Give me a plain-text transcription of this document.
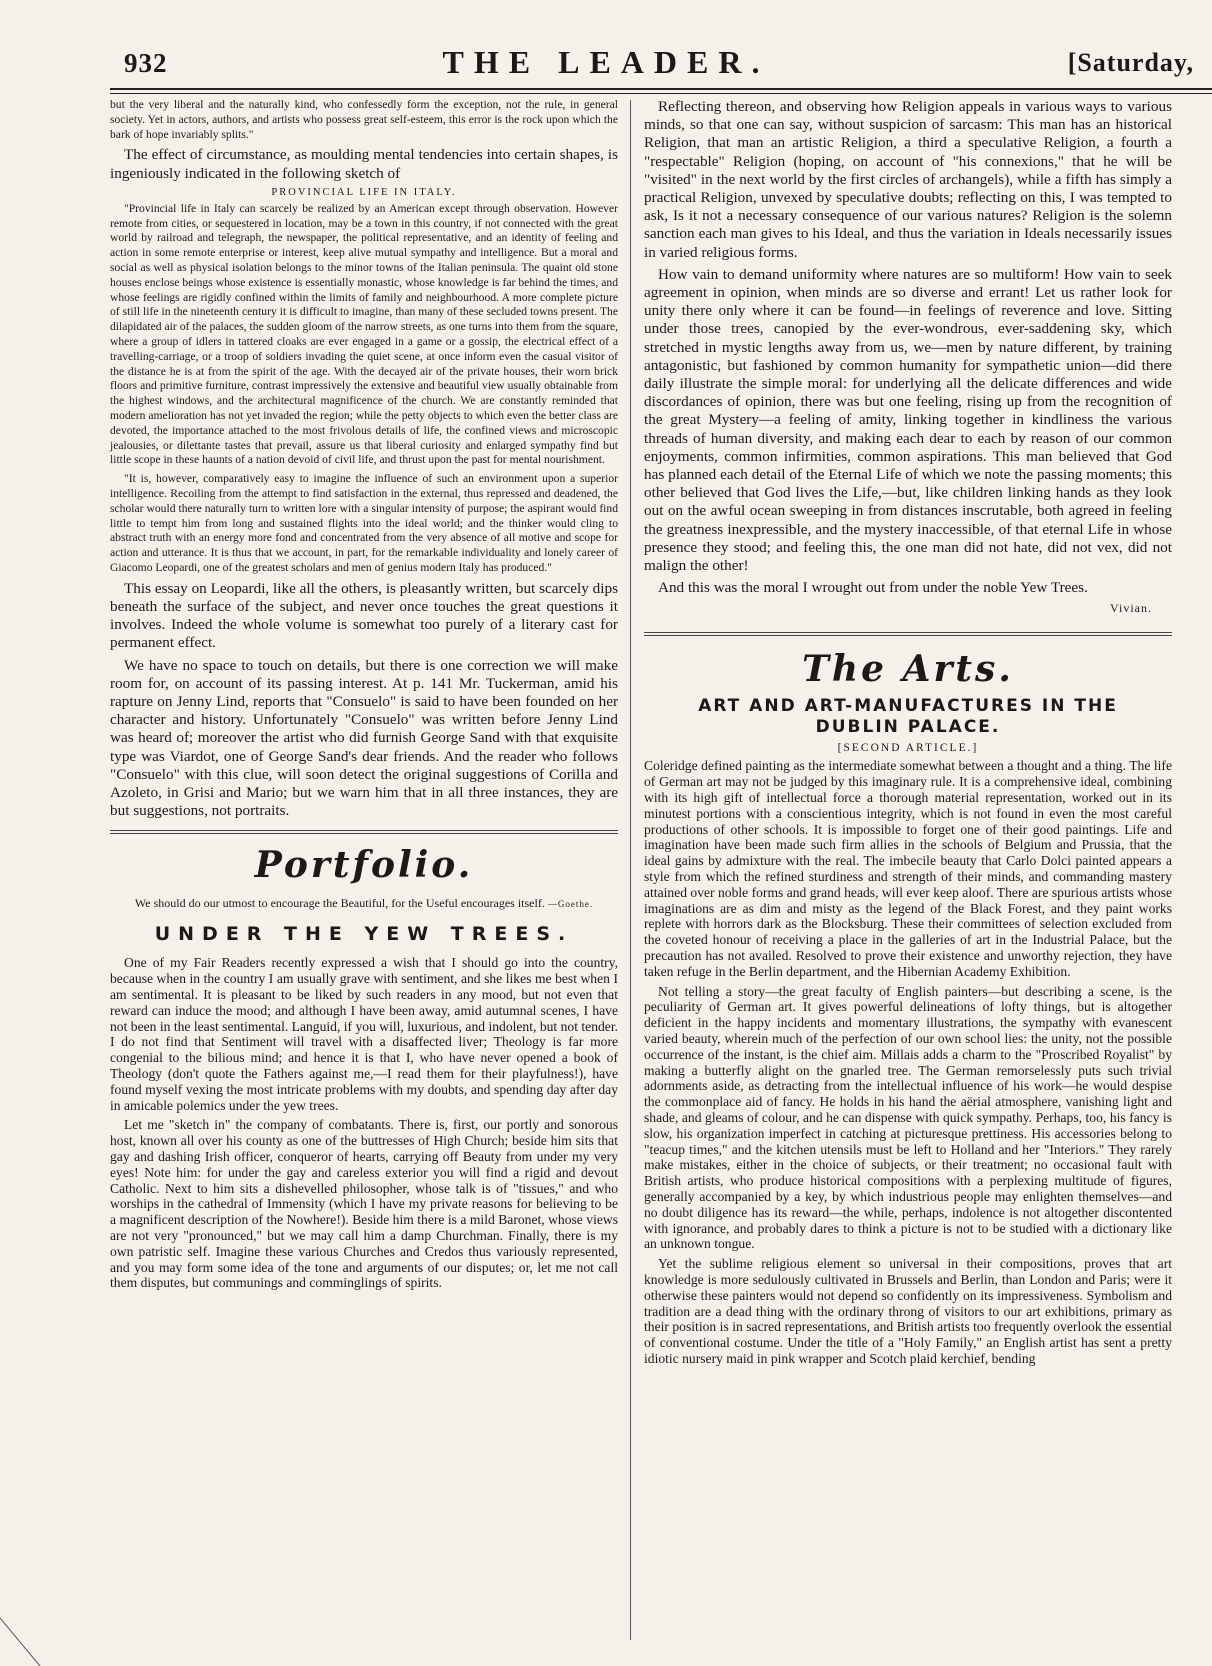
932	THE LEADER.	[Saturday,

but the very liberal and the naturally kind, who confessedly form the exception, not the rule, in general society. Yet in actors, authors, and artists who possess great self-esteem, this error is the rock upon which the bark of hope invariably splits."

The effect of circumstance, as moulding mental tendencies into certain shapes, is ingeniously indicated in the following sketch of

PROVINCIAL LIFE IN ITALY.

"Provincial life in Italy can scarcely be realized by an American except through observation. However remote from cities, or sequestered in location, may be a town in this country, if not connected with the great world by railroad and telegraph, the newspaper, the political representative, and an identity of feeling and action in some remote enterprise or interest, keep alive mutual sympathy and intelligence. But a moral and social as well as physical isolation belongs to the minor towns of the Italian peninsula. The quaint old stone houses enclose beings whose existence is essentially monastic, whose knowledge is far behind the times, and whose feelings are rigidly confined within the limits of family and neighbourhood. A more complete picture of still life in the nineteenth century it is difficult to imagine, than many of these secluded towns present. The dilapidated air of the palaces, the sudden gloom of the narrow streets, as one turns into them from the square, where a group of idlers in tattered cloaks are ever engaged in a game or a gossip, the electrical effect of a travelling-carriage, or a troop of soldiers invading the quiet scene, at once inform even the casual visitor of the distance he is at from the spirit of the age. With the decayed air of the private houses, their worn brick floors and primitive furniture, contrast impressively the extensive and beautiful view usually obtainable from the highest windows, and the architectural magnificence of the church. We are constantly reminded that modern amelioration has not yet invaded the region; while the petty objects to which even the better class are devoted, the importance attached to the most frivolous details of life, the confined views and microscopic jealousies, or dilettante tastes that prevail, assure us that liberal curiosity and enlarged sympathy find but little scope in these haunts of a nation devoid of civil life, and thrust upon the past for mental nourishment.

"It is, however, comparatively easy to imagine the influence of such an environment upon a superior intelligence. Recoiling from the attempt to find satisfaction in the external, thus repressed and deadened, the scholar would there naturally turn to written lore with a singular intensity of purpose; the aspirant would find little to tempt him from long and sustained flights into the ideal world; and the thinker would cling to abstract truth with an energy more fond and concentrated from the very absence of all motive and scope for action and utterance. It is thus that we account, in part, for the remarkable individuality and lonely career of Giacomo Leopardi, one of the greatest scholars and men of genius modern Italy has produced."

This essay on Leopardi, like all the others, is pleasantly written, but scarcely dips beneath the surface of the subject, and never once touches the great questions it involves. Indeed the whole volume is somewhat too purely of a literary cast for permanent effect.

We have no space to touch on details, but there is one correction we will make room for, on account of its passing interest. At p. 141 Mr. Tuckerman, amid his rapture on Jenny Lind, reports that "Consuelo" is said to have been founded on her character and history. Unfortunately "Consuelo" was written before Jenny Lind was heard of; moreover the artist who did furnish George Sand with that exquisite type was Viardot, one of George Sand's dear friends. And the reader who follows "Consuelo" with this clue, will soon detect the original suggestions of Corilla and Azoleto, in Grisi and Mario; but we warn him that in all three instances, they are but suggestions, not portraits.

Portfolio.
We should do our utmost to encourage the Beautiful, for the Useful encourages itself. —Goethe.
UNDER THE YEW TREES.

One of my Fair Readers recently expressed a wish that I should go into the country, because when in the country I am usually grave with sentiment, and she likes me best when I am sentimental. It is pleasant to be liked by such readers in any mood, but not even that reward can induce the mood; and although I have been away, amid autumnal scenes, I have not been in the least sentimental. Languid, if you will, luxurious, and indolent, but not tender. I do not find that Sentiment will travel with a disaffected liver; Theology is far more congenial to the bilious mind; and hence it is that I, who have never opened a book of Theology (don't quote the Fathers against me,—I read them for their playfulness!), have found myself vexing the most intricate problems with my doubts, and spending day after day in amicable polemics under the yew trees.

Let me "sketch in" the company of combatants. There is, first, our portly and sonorous host, known all over his county as one of the buttresses of High Church; beside him sits that gay and dashing Irish officer, conqueror of hearts, carrying off Beauty from under my very eyes! Note him: for under the gay and careless exterior you will find a rigid and devout Catholic. Next to him sits a dishevelled philosopher, whose talk is of "tissues," and who worships in the cathedral of Immensity (which I have my private reasons for believing to be a magnificent description of the Nowhere!). Beside him there is a mild Baronet, whose views are not very "pronounced," but we may call him a damp Churchman. Finally, there is my own patristic self. Imagine these various Churches and Credos thus variously represented, and you may form some idea of the tone and arguments of our disputes; or, let me not call them disputes, but communings and comminglings of spirits.

Reflecting thereon, and observing how Religion appeals in various ways to various minds, so that one can say, without suspicion of sarcasm: This man has an historical Religion, that man an artistic Religion, a third a speculative Religion, a fourth a "respectable" Religion (hoping, on account of "his connexions," that he will be "visited" in the next world by the first circles of archangels), while a fifth has simply a practical Religion, unvexed by speculative doubts; reflecting on this, I was tempted to ask, Is it not a necessary consequence of our various natures? Religion is the solemn sanction each man gives to his Ideal, and thus the variation in Ideals necessarily issues in varied religious forms.

How vain to demand uniformity where natures are so multiform! How vain to seek agreement in opinion, when minds are so diverse and errant! Let us rather look for unity there only where it can be found—in feelings of reverence and love. Sitting under those trees, canopied by the ever-wondrous, ever-saddening sky, which stretched in mystic lengths away from us, we—men by nature different, by training antagonistic, but fashioned by common humanity for sympathetic union—did there daily illustrate the simple moral: for underlying all the delicate differences and wide discordances of opinion, there was but one feeling, rising up from the recognition of the great Mystery—a feeling of amity, linking together in kindliness the various threads of human diversity, and making each dear to each by reason of our common enjoyments, common infirmities, common aspirations. This man believed that God has planned each detail of the Eternal Life of which we note the passing moments; this other believed that God lives the Life,—but, like children linking hands as they look out on the awful ocean sweeping in from distances inscrutable, both agreed in feeling the greatness inexpressible, and the mystery inaccessible, of that eternal Life in whose presence they stood; and feeling this, the one man did not hate, did not vex, did not malign the other!

And this was the moral I wrought out from under the noble Yew Trees.

Vivian.
The Arts.
ART AND ART-MANUFACTURES IN THE DUBLIN PALACE.
[SECOND ARTICLE.]

Coleridge defined painting as the intermediate somewhat between a thought and a thing. The life of German art may not be judged by this imaginary rule. It is a comprehensive ideal, combining with its high gift of intellectual force a thorough material representation, worked out in its minutest portions with a conscientious integrity, which is not found in even the most careful productions of other schools. It is impossible to forget one of their good paintings. Life and imagination have been made such firm allies in the schools of Belgium and Prussia, that the ideal gains by admixture with the real. The imbecile beauty that Carlo Dolci painted appears a style from which the refined sturdiness and strength of their minds, and commanding mastery attained over noble forms and grand heads, will ever keep aloof. There are spurious artists whose imaginations are as dim and misty as the legend of the Black Forest, and they paint works replete with horrors dark as the Blocksburg. These their committees of selection excluded from the coveted honour of receiving a place in the galleries of art in the Industrial Palace, but the precaution has not availed. Resolved to prove their existence and unworthy rejection, they have taken refuge in the Berlin department, and the Hibernian Academy Exhibition.

Not telling a story—the great faculty of English painters—but describing a scene, is the peculiarity of German art. It gives powerful delineations of lofty things, but is altogether deficient in the happy incidents and momentary illustrations, the sympathy with evanescent varied beauty, wherein much of the perfection of our own school lies: the unity, not the possible occurrence of the instant, is the chief aim. Millais adds a charm to the "Proscribed Royalist" by making a butterfly alight on the gnarled tree. The German remorselessly puts such trivial adornments aside, as detracting from the intellectual influence of his work—he would despise the commonplace aid of fancy. He holds in his hand the aërial atmosphere, vanishing light and shade, and gleams of colour, and he can dispense with quick sympathy. Perhaps, too, his fancy is slow, his organization imperfect in catching at picturesque prettiness. His accessories belong to "teacup times," and the kitchen utensils must be left to Holland and her "Interiors." They rarely make mistakes, either in the choice of subjects, or their treatment; no occasional fault with British artists, who produce historical compositions with a perplexing multitude of figures, generally accompanied by a key, by which industrious people may enlighten themselves—and no doubt diligence has its reward—the while, perhaps, indolence is not altogether discontented with ignorance, and probably dares to think a picture is not to be studied with a dictionary like an unknown tongue.

Yet the sublime religious element so universal in their compositions, proves that art knowledge is more sedulously cultivated in Brussels and Berlin, than London and Paris; were it otherwise these painters would not depend so confidently on its impressiveness. Symbolism and tradition are a dead thing with the ordinary throng of visitors to our art exhibitions, primary as their position is in sacred representations, and British artists too frequently overlook the essential of conventional costume. Under the title of a "Holy Family," an English artist has sent a pretty idiotic nursery maid in pink wrapper and Scotch plaid kerchief, bending
